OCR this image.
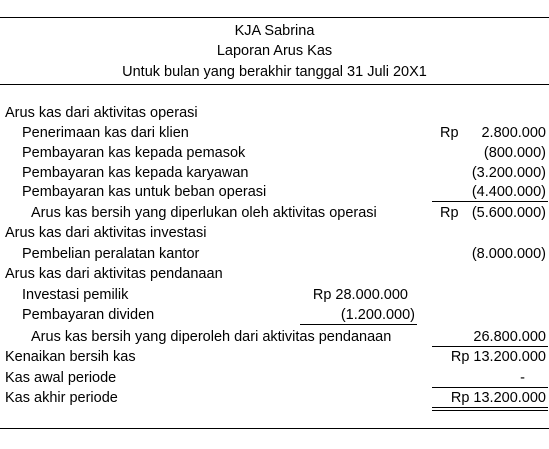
KJA Sabrina
Laporan Arus Kas
Untuk bulan yang berakhir tanggal 31 Juli 20X1
Arus kas dari aktivitas operasi
Penerimaan kas dari klien	Rp 2.800.000
Pembayaran kas kepada pemasok	(800.000)
Pembayaran kas kepada karyawan	(3.200.000)
Pembayaran kas untuk beban operasi	(4.400.000)
Arus kas bersih yang diperlukan oleh aktivitas operasi	Rp (5.600.000)
Arus kas dari aktivitas investasi
Pembelian peralatan kantor	(8.000.000)
Arus kas dari aktivitas pendanaan
Investasi pemilik	Rp 28.000.000
Pembayaran dividen	(1.200.000)
Arus kas bersih yang diperoleh dari aktivitas pendanaan	26.800.000
Kenaikan bersih kas	Rp 13.200.000
Kas awal periode	-
Kas akhir periode	Rp 13.200.000
